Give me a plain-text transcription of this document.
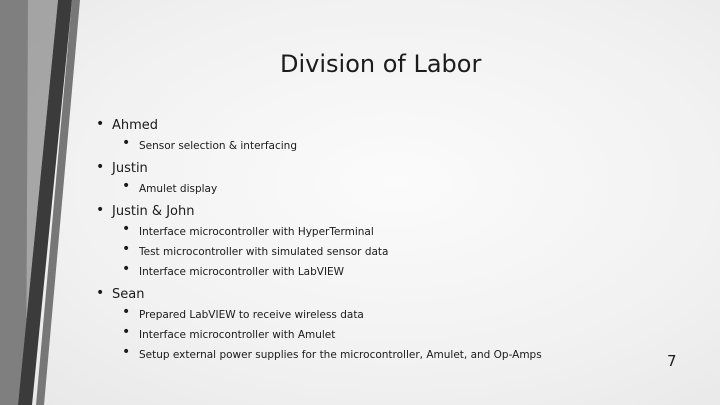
Division of Labor
• Ahmed
• Sensor selection & interfacing
• Justin
• Amulet display
• Justin & John
• Interface microcontroller with HyperTerminal
• Test microcontroller with simulated sensor data
• Interface microcontroller with LabVIEW
• Sean
• Prepared LabVIEW to receive wireless data
• Interface microcontroller with Amulet
• Setup external power supplies for the microcontroller, Amulet, and Op-Amps	7
